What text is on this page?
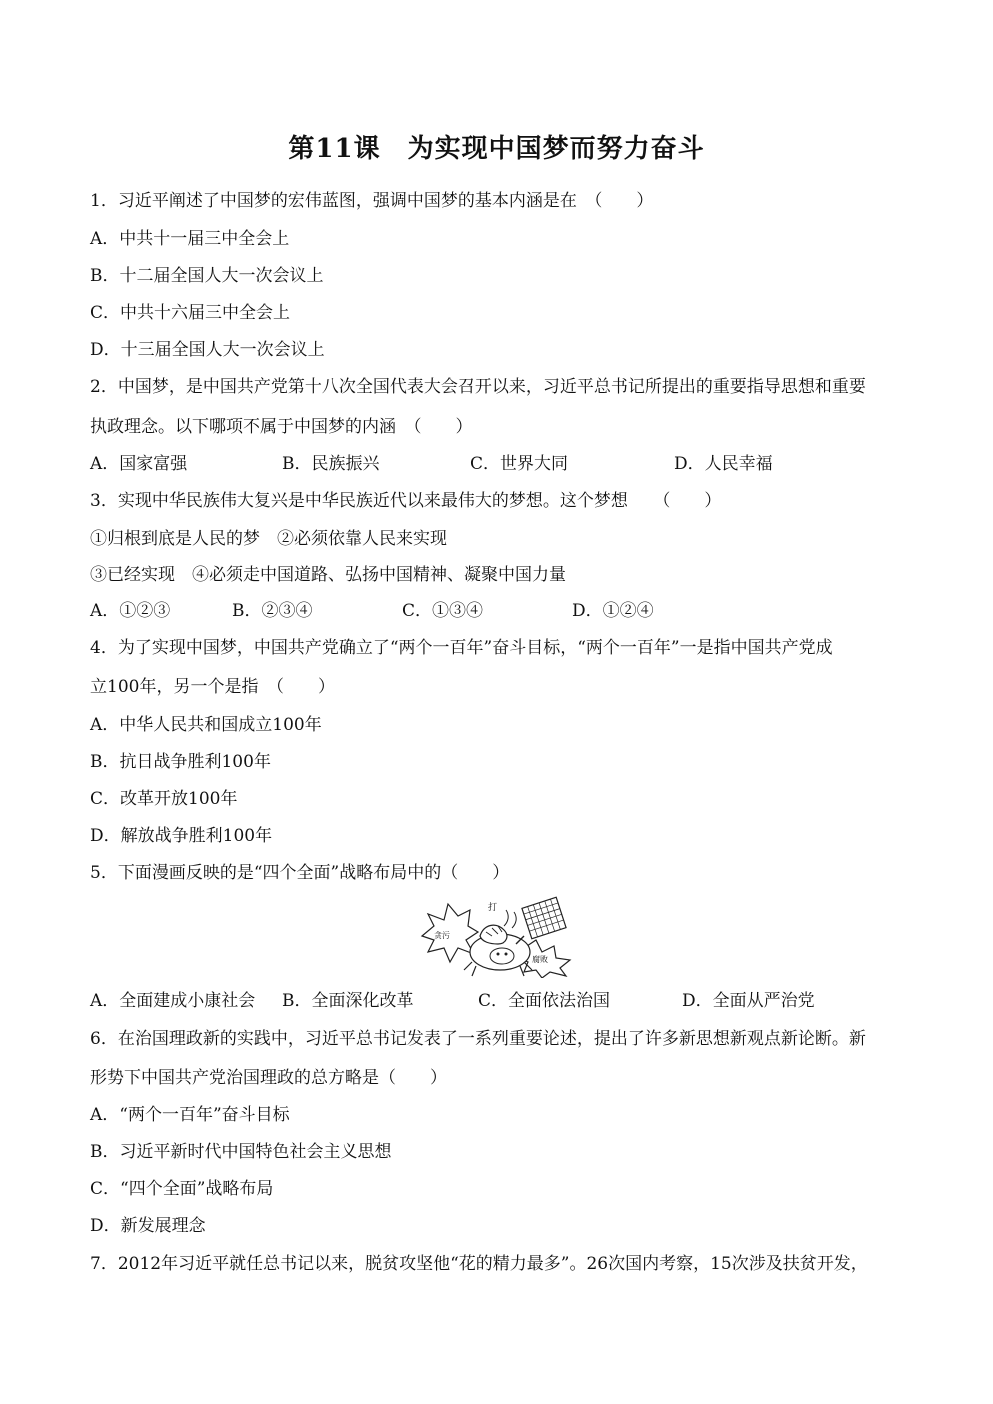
第11课　为实现中国梦而努力奋斗
1．习近平阐述了中国梦的宏伟蓝图，强调中国梦的基本内涵是在　（　　）
A．中共十一届三中全会上
B．十二届全国人大一次会议上
C．中共十六届三中全会上
D．十三届全国人大一次会议上
2．中国梦，是中国共产党第十八次全国代表大会召开以来，习近平总书记所提出的重要指导思想和重要
执政理念。以下哪项不属于中国梦的内涵　（　　）
A．国家富强	B．民族振兴	C．世界大同	D．人民幸福
3．实现中华民族伟大复兴是中华民族近代以来最伟大的梦想。这个梦想　　（　　）
①归根到底是人民的梦　②必须依靠人民来实现
③已经实现　④必须走中国道路、弘扬中国精神、凝聚中国力量
A．①②③	B．②③④	C．①③④	D．①②④
4．为了实现中国梦，中国共产党确立了“两个一百年”奋斗目标，“两个一百年”一是指中国共产党成
立100年，另一个是指　（　　）
A．中华人民共和国成立100年
B．抗日战争胜利100年
C．改革开放100年
D．解放战争胜利100年
5．下面漫画反映的是“四个全面”战略布局中的（　　）
打
贪污
腐败
A．全面建成小康社会 B．全面深化改革	C．全面依法治国	D．全面从严治党
6．在治国理政新的实践中，习近平总书记发表了一系列重要论述，提出了许多新思想新观点新论断。新
形势下中国共产党治国理政的总方略是（　　）
A．“两个一百年”奋斗目标
B．习近平新时代中国特色社会主义思想
C．“四个全面”战略布局
D．新发展理念
7．2012年习近平就任总书记以来，脱贫攻坚他“花的精力最多”。26次国内考察，15次涉及扶贫开发，
